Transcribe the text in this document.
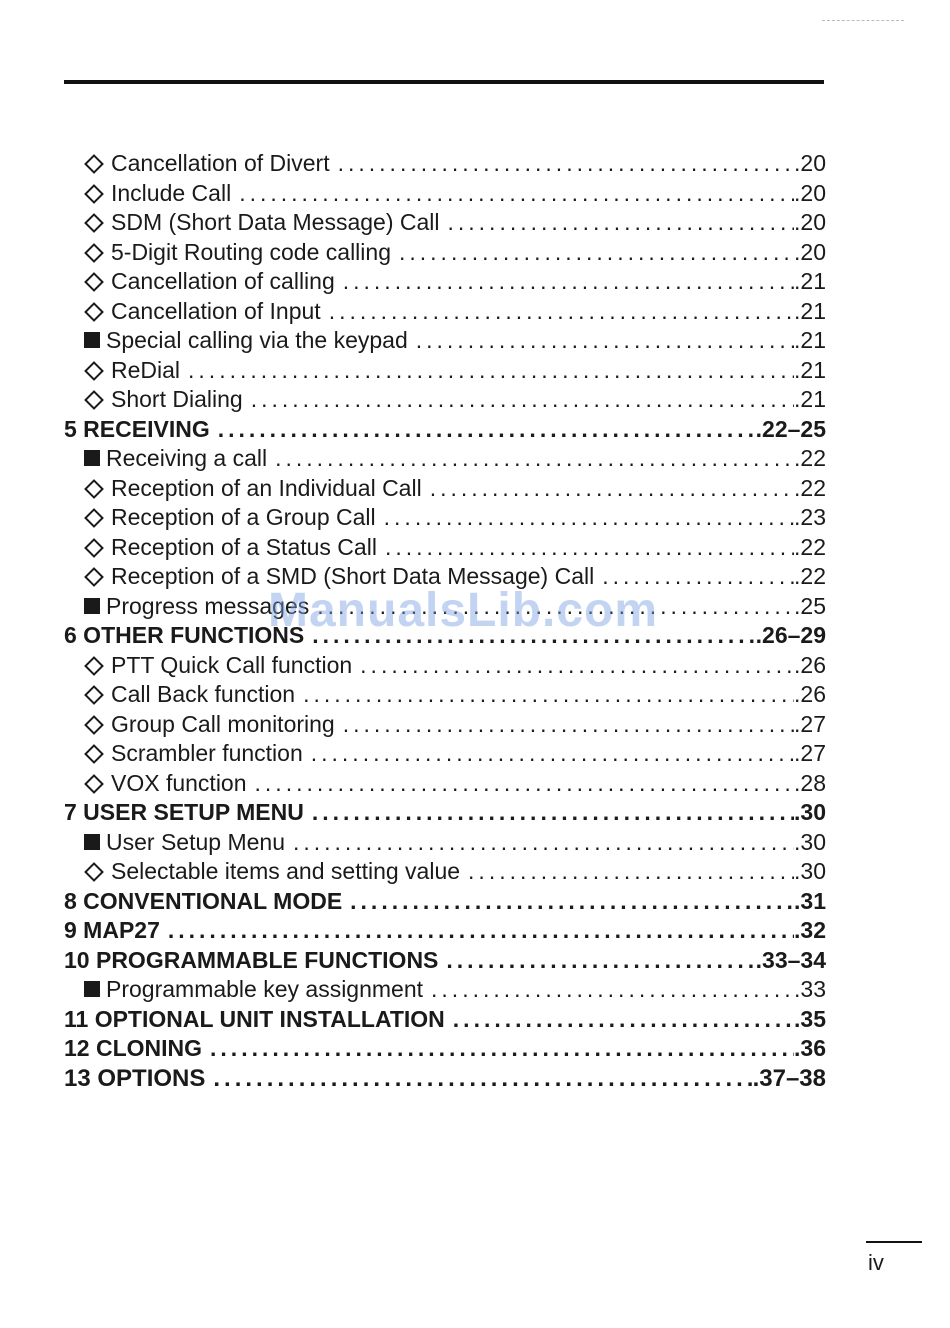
Cancellation of Divert .....	.20
Include Call .....	.20
SDM (Short Data Message) Call .....	.20
5-Digit Routing code calling .....	.20
Cancellation of calling .....	.21
Cancellation of Input .....	.21
Special calling via the keypad .....	.21
ReDial .....	.21
Short Dialing .....	.21
5 RECEIVING .....	.22–25
Receiving a call .....	.22
Reception of an Individual Call .....	.22
Reception of a Group Call .....	.23
Reception of a Status Call .....	.22
Reception of a SMD (Short Data Message) Call .....	.22
Progress messages .....	.25
6 OTHER FUNCTIONS .....	.26–29
PTT Quick Call function .....	.26
Call Back function .....	.26
Group Call monitoring .....	.27
Scrambler function .....	.27
VOX function .....	.28
7 USER SETUP MENU .....	.30
User Setup Menu .....	.30
Selectable items and setting value .....	.30
8 CONVENTIONAL MODE .....	.31
9 MAP27 .....	.32
10 PROGRAMMABLE FUNCTIONS .....	.33–34
Programmable key assignment .....	.33
11 OPTIONAL UNIT INSTALLATION .....	.35
12 CLONING .....	.36
13 OPTIONS .....	.37–38
ManualsLib.com
iv
